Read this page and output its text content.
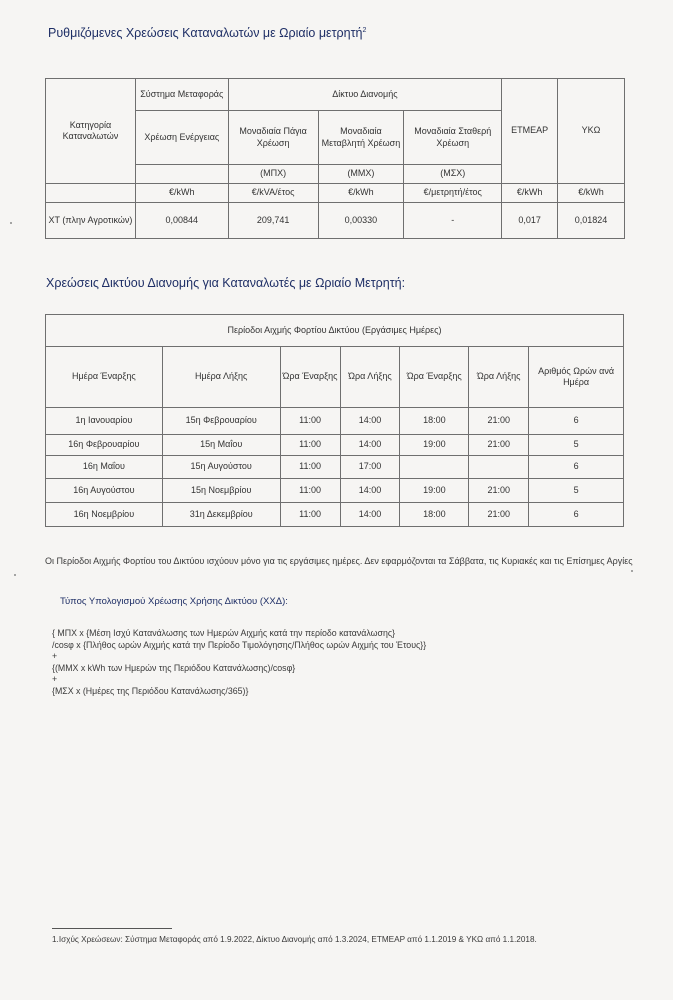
Ρυθμιζόμενες Χρεώσεις Καταναλωτών με Ωριαίο μετρητή$^2$
Κατηγορία Καταναλωτών	Σύστημα Μεταφοράς	Δίκτυο Διανομής			ΕΤΜΕΑΡ	ΥΚΩ
	Χρέωση Ενέργειας	Μοναδιαία Πάγια Χρέωση	Μοναδιαία Μεταβλητή Χρέωση	Μοναδιαία Σταθερή Χρέωση		
		(ΜΠΧ)	(ΜΜΧ)	(ΜΣΧ)		
	€/kWh	€/kVA/έτος	€/kWh	€/μετρητή/έτος	€/kWh	€/kWh
ΧΤ (πλην Αγροτικών)	0,00844	209,741	0,00330	-	0,017	0,01824
Χρεώσεις Δικτύου Διανομής για Καταναλωτές με Ωριαίο Μετρητή:
Περίοδοι Αιχμής Φορτίου Δικτύου (Εργάσιμες Ημέρες)						
Ημέρα Έναρξης	Ημέρα Λήξης	Ώρα Έναρξης	Ώρα Λήξης	Ώρα Έναρξης	Ώρα Λήξης	Αριθμός Ωρών ανά Ημέρα
1η Ιανουαρίου	15η Φεβρουαρίου	11:00	14:00	18:00	21:00	6
16η Φεβρουαρίου	15η Μαΐου	11:00	14:00	19:00	21:00	5
16η Μαΐου	15η Αυγούστου	11:00	17:00			6
16η Αυγούστου	15η Νοεμβρίου	11:00	14:00	19:00	21:00	5
16η Νοεμβρίου	31η Δεκεμβρίου	11:00	14:00	18:00	21:00	6
Οι Περίοδοι Αιχμής Φορτίου του Δικτύου ισχύουν μόνο για τις εργάσιμες ημέρες. Δεν εφαρμόζονται τα Σάββατα, τις Κυριακές και τις Επίσημες Αργίες
Τύπος Υπολογισμού Χρέωσης Χρήσης Δικτύου (ΧΧΔ):
{ ΜΠΧ x {Μέση Ισχύ Κατανάλωσης των Ημερών Αιχμής κατά την περίοδο κατανάλωσης}
/cosφ x {Πλήθος ωρών Αιχμής κατά την Περίοδο Τιμολόγησης/Πλήθος ωρών Αιχμής του Έτους}}
+
{(ΜΜΧ x kWh των Ημερών της Περιόδου Κατανάλωσης)/cosφ}
+
{ΜΣΧ x (Ημέρες της Περιόδου Κατανάλωσης/365)}
1.Ισχύς Χρεώσεων: Σύστημα Μεταφοράς από 1.9.2022, Δίκτυο Διανομής από 1.3.2024, ΕΤΜΕΑΡ από 1.1.2019 & ΥΚΩ από 1.1.2018.
